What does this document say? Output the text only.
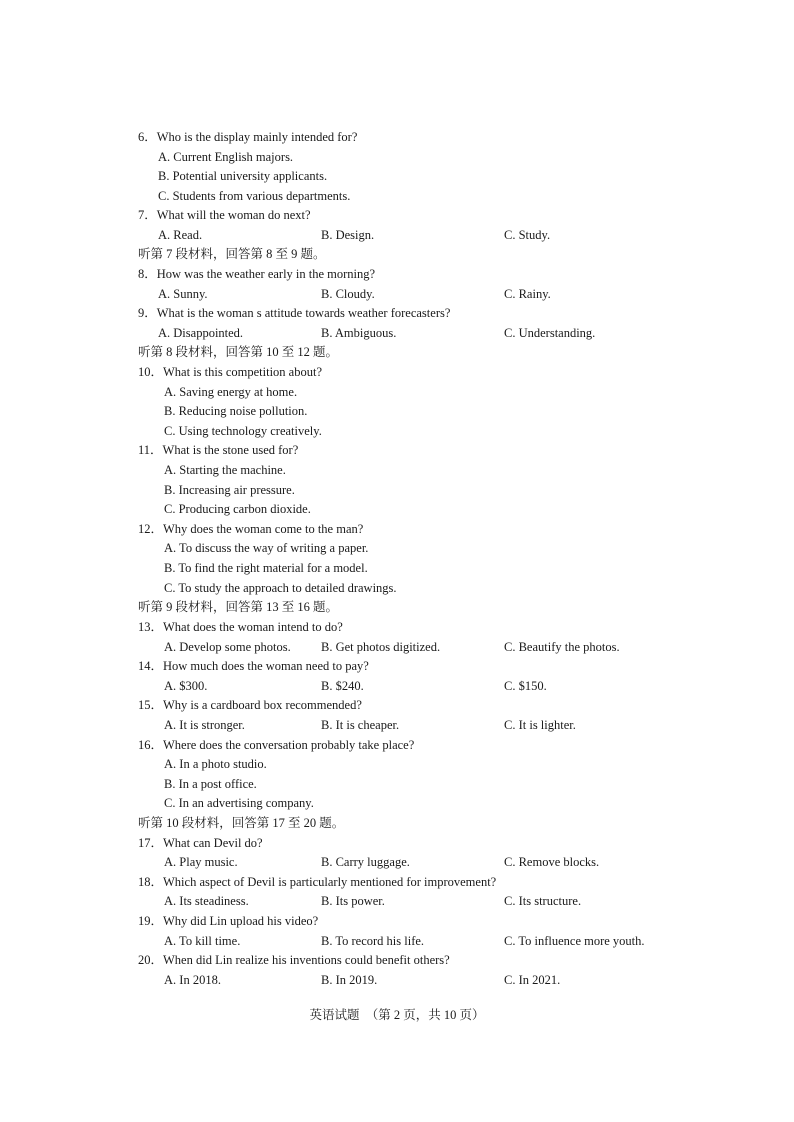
6．Who is the display mainly intended for?
A. Current English majors.
B. Potential university applicants.
C. Students from various departments.
7．What will the woman do next?
A. Read.	B. Design.	C. Study.
听第 7 段材料，回答第 8 至 9 题。
8．How was the weather early in the morning?
A. Sunny.	B. Cloudy.	C. Rainy.
9．What is the woman s attitude towards weather forecasters?
A. Disappointed.	B. Ambiguous.	C. Understanding.
听第 8 段材料，回答第 10 至 12 题。
10．What is this competition about?
A. Saving energy at home.
B. Reducing noise pollution.
C. Using technology creatively.
11．What is the stone used for?
A. Starting the machine.
B. Increasing air pressure.
C. Producing carbon dioxide.
12．Why does the woman come to the man?
A. To discuss the way of writing a paper.
B. To find the right material for a model.
C. To study the approach to detailed drawings.
听第 9 段材料，回答第 13 至 16 题。
13．What does the woman intend to do?
A. Develop some photos. B. Get photos digitized.	C. Beautify the photos.
14．How much does the woman need to pay?
A. $300.	B. $240.	C. $150.
15．Why is a cardboard box recommended?
A. It is stronger.	B. It is cheaper.	C. It is lighter.
16．Where does the conversation probably take place?
A. In a photo studio.
B. In a post office.
C. In an advertising company.
听第 10 段材料，回答第 17 至 20 题。
17．What can Devil do?
A. Play music.	B. Carry luggage.	C. Remove blocks.
18．Which aspect of Devil is particularly mentioned for improvement?
A. Its steadiness.	B. Its power.	C. Its structure.
19．Why did Lin upload his video?
A. To kill time.	B. To record his life.	C. To influence more youth.
20．When did Lin realize his inventions could benefit others?
A. In 2018.	B. In 2019.	C. In 2021.
英语试题　（第 2 页，共 10 页）
